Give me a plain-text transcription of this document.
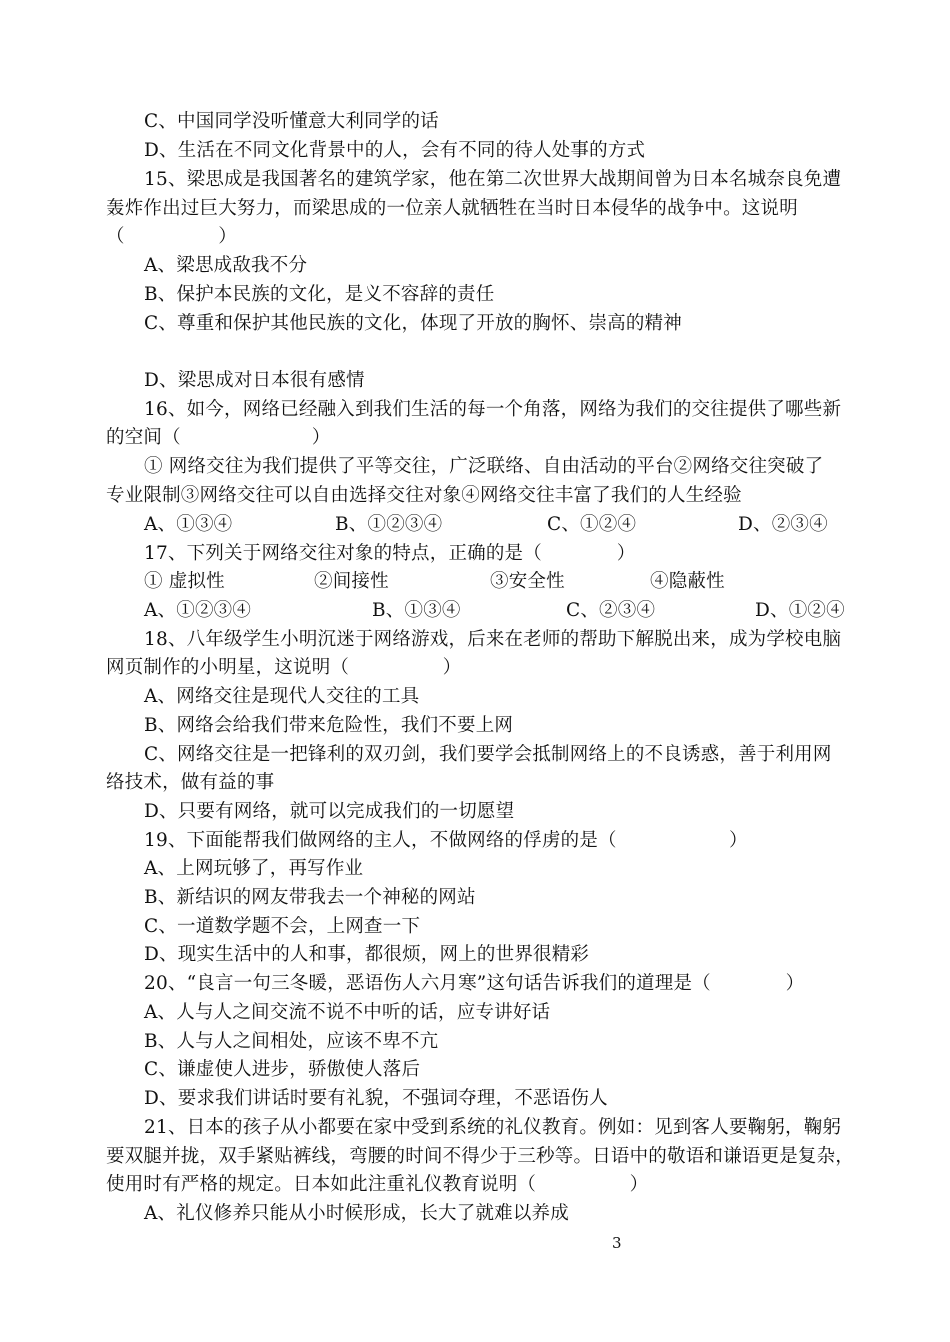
C、中国同学没听懂意大利同学的话
D、生活在不同文化背景中的人，会有不同的待人处事的方式
15、梁思成是我国著名的建筑学家，他在第二次世界大战期间曾为日本名城奈良免遭
轰炸作出过巨大努力，而梁思成的一位亲人就牺牲在当时日本侵华的战争中。这说明
（　　　　　）
A、梁思成敌我不分
B、保护本民族的文化，是义不容辞的责任
C、尊重和保护其他民族的文化，体现了开放的胸怀、崇高的精神
D、梁思成对日本很有感情
16、如今，网络已经融入到我们生活的每一个角落，网络为我们的交往提供了哪些新
的空间（　　　　　　　）
① 网络交往为我们提供了平等交往，广泛联络、自由活动的平台②网络交往突破了
专业限制③网络交往可以自由选择交往对象④网络交往丰富了我们的人生经验
A、①③④	B、①②③④	C、①②④	D、②③④
17、下列关于网络交往对象的特点，正确的是（　　　　）
① 虚拟性	②间接性	③安全性	④隐蔽性
A、①②③④	B、①③④	C、②③④	D、①②④
18、八年级学生小明沉迷于网络游戏，后来在老师的帮助下解脱出来，成为学校电脑
网页制作的小明星，这说明（　　　　　）
A、网络交往是现代人交往的工具
B、网络会给我们带来危险性，我们不要上网
C、网络交往是一把锋利的双刃剑，我们要学会抵制网络上的不良诱惑，善于利用网
络技术，做有益的事
D、只要有网络，就可以完成我们的一切愿望
19、下面能帮我们做网络的主人，不做网络的俘虏的是（　　　　　　）
A、上网玩够了，再写作业
B、新结识的网友带我去一个神秘的网站
C、一道数学题不会，上网查一下
D、现实生活中的人和事，都很烦，网上的世界很精彩
20、“良言一句三冬暖，恶语伤人六月寒”这句话告诉我们的道理是（　　　　）
A、人与人之间交流不说不中听的话，应专讲好话
B、人与人之间相处，应该不卑不亢
C、谦虚使人进步，骄傲使人落后
D、要求我们讲话时要有礼貌，不强词夺理，不恶语伤人
21、日本的孩子从小都要在家中受到系统的礼仪教育。例如：见到客人要鞠躬，鞠躬
要双腿并拢，双手紧贴裤线，弯腰的时间不得少于三秒等。日语中的敬语和谦语更是复杂，
使用时有严格的规定。日本如此注重礼仪教育说明（　　　　　）
A、礼仪修养只能从小时候形成，长大了就难以养成
3
